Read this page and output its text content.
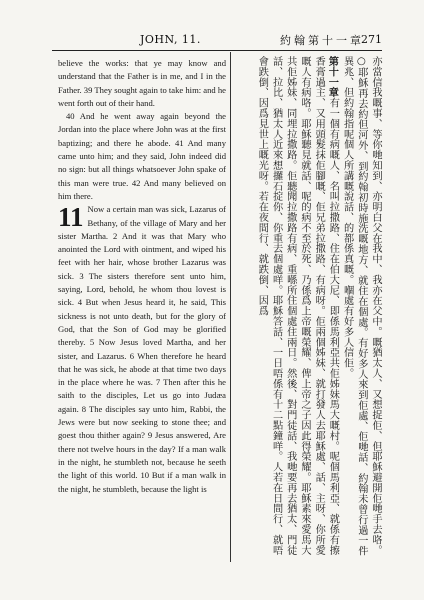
JOHN, 11.	約翰第十一章
271

believe the works: that ye may know and understand that the Father is in me, and I in the Father. 39 They sought again to take him: and he went forth out of their hand.

40 And he went away again beyond the Jordan into the place where John was at the first baptizing; and there he abode. 41 And many came unto him; and they said, John indeed did no sign: but all things whatsoever John spake of this man were true. 42 And many believed on him there.

11 Now a certain man was sick, Lazarus of Bethany, of the village of Mary and her sister Martha. 2 And it was that Mary who anointed the Lord with ointment, and wiped his feet with her hair, whose brother Lazarus was sick. 3 The sisters therefore sent unto him, saying, Lord, behold, he whom thou lovest is sick. 4 But when Jesus heard it, he said, This sickness is not unto death, but for the glory of God, that the Son of God may be glorified thereby. 5 Now Jesus loved Martha, and her sister, and Lazarus. 6 When therefore he heard that he was sick, he abode at that time two days in the place where he was. 7 Then after this he saith to the disciples, Let us go into Judæa again. 8 The disciples say unto him, Rabbi, the Jews were but now seeking to stone thee; and goest thou thither again? 9 Jesus answered, Are there not twelve hours in the day? If a man walk in the night, he stumbleth not, because he seeth the light of this world. 10 But if a man walk in the night, he stumbleth, because the light is	亦當信我嘅事、等你哋知到、亦明白父在我中、我亦在父中。嘅猶太人、又想捉佢、但耶穌避開佢哋手去咯。○耶穌再去約但河外、到約翰初時施洗嘅地方、就住在個處。有好多人來到佢處、佢哋話、約翰未曾行過一件異兆、但約翰指呢個人所講嘅說話、的都係真嘅。嗰處有好多人信佢。

第十一章有一個有病嘅人、名叫拉撒路、住在伯大尼、即係馬利亞共佢姊妹馬大嘅村。呢個馬利亞、就係有擦香膏過主、又用頭髮抹佢腳嘅、佢兄弟拉撒路、有病呀。佢兩個姊妹、就打發人去耶穌處、話、主呀、你所愛嘅人有病咯。耶穌聽見就話、呢的病不至於死、乃係爲上帝嘅榮耀、俾上帝之子因此得榮耀。耶穌素來愛馬大共佢姊妹、同埋拉撒路。佢聽聞拉撒路有病、重喺所住個處住兩日。然後、對門徒話、我哋要再去猶太、門徒話、拉比、猶太人近來想攞石掟你、你重去個處咩。耶穌答話、一日唔係有十二點鐘咩。人若在日間行、就唔會跌倒、因爲見世上嘅光呀。若在夜間行、就跌倒、因爲
